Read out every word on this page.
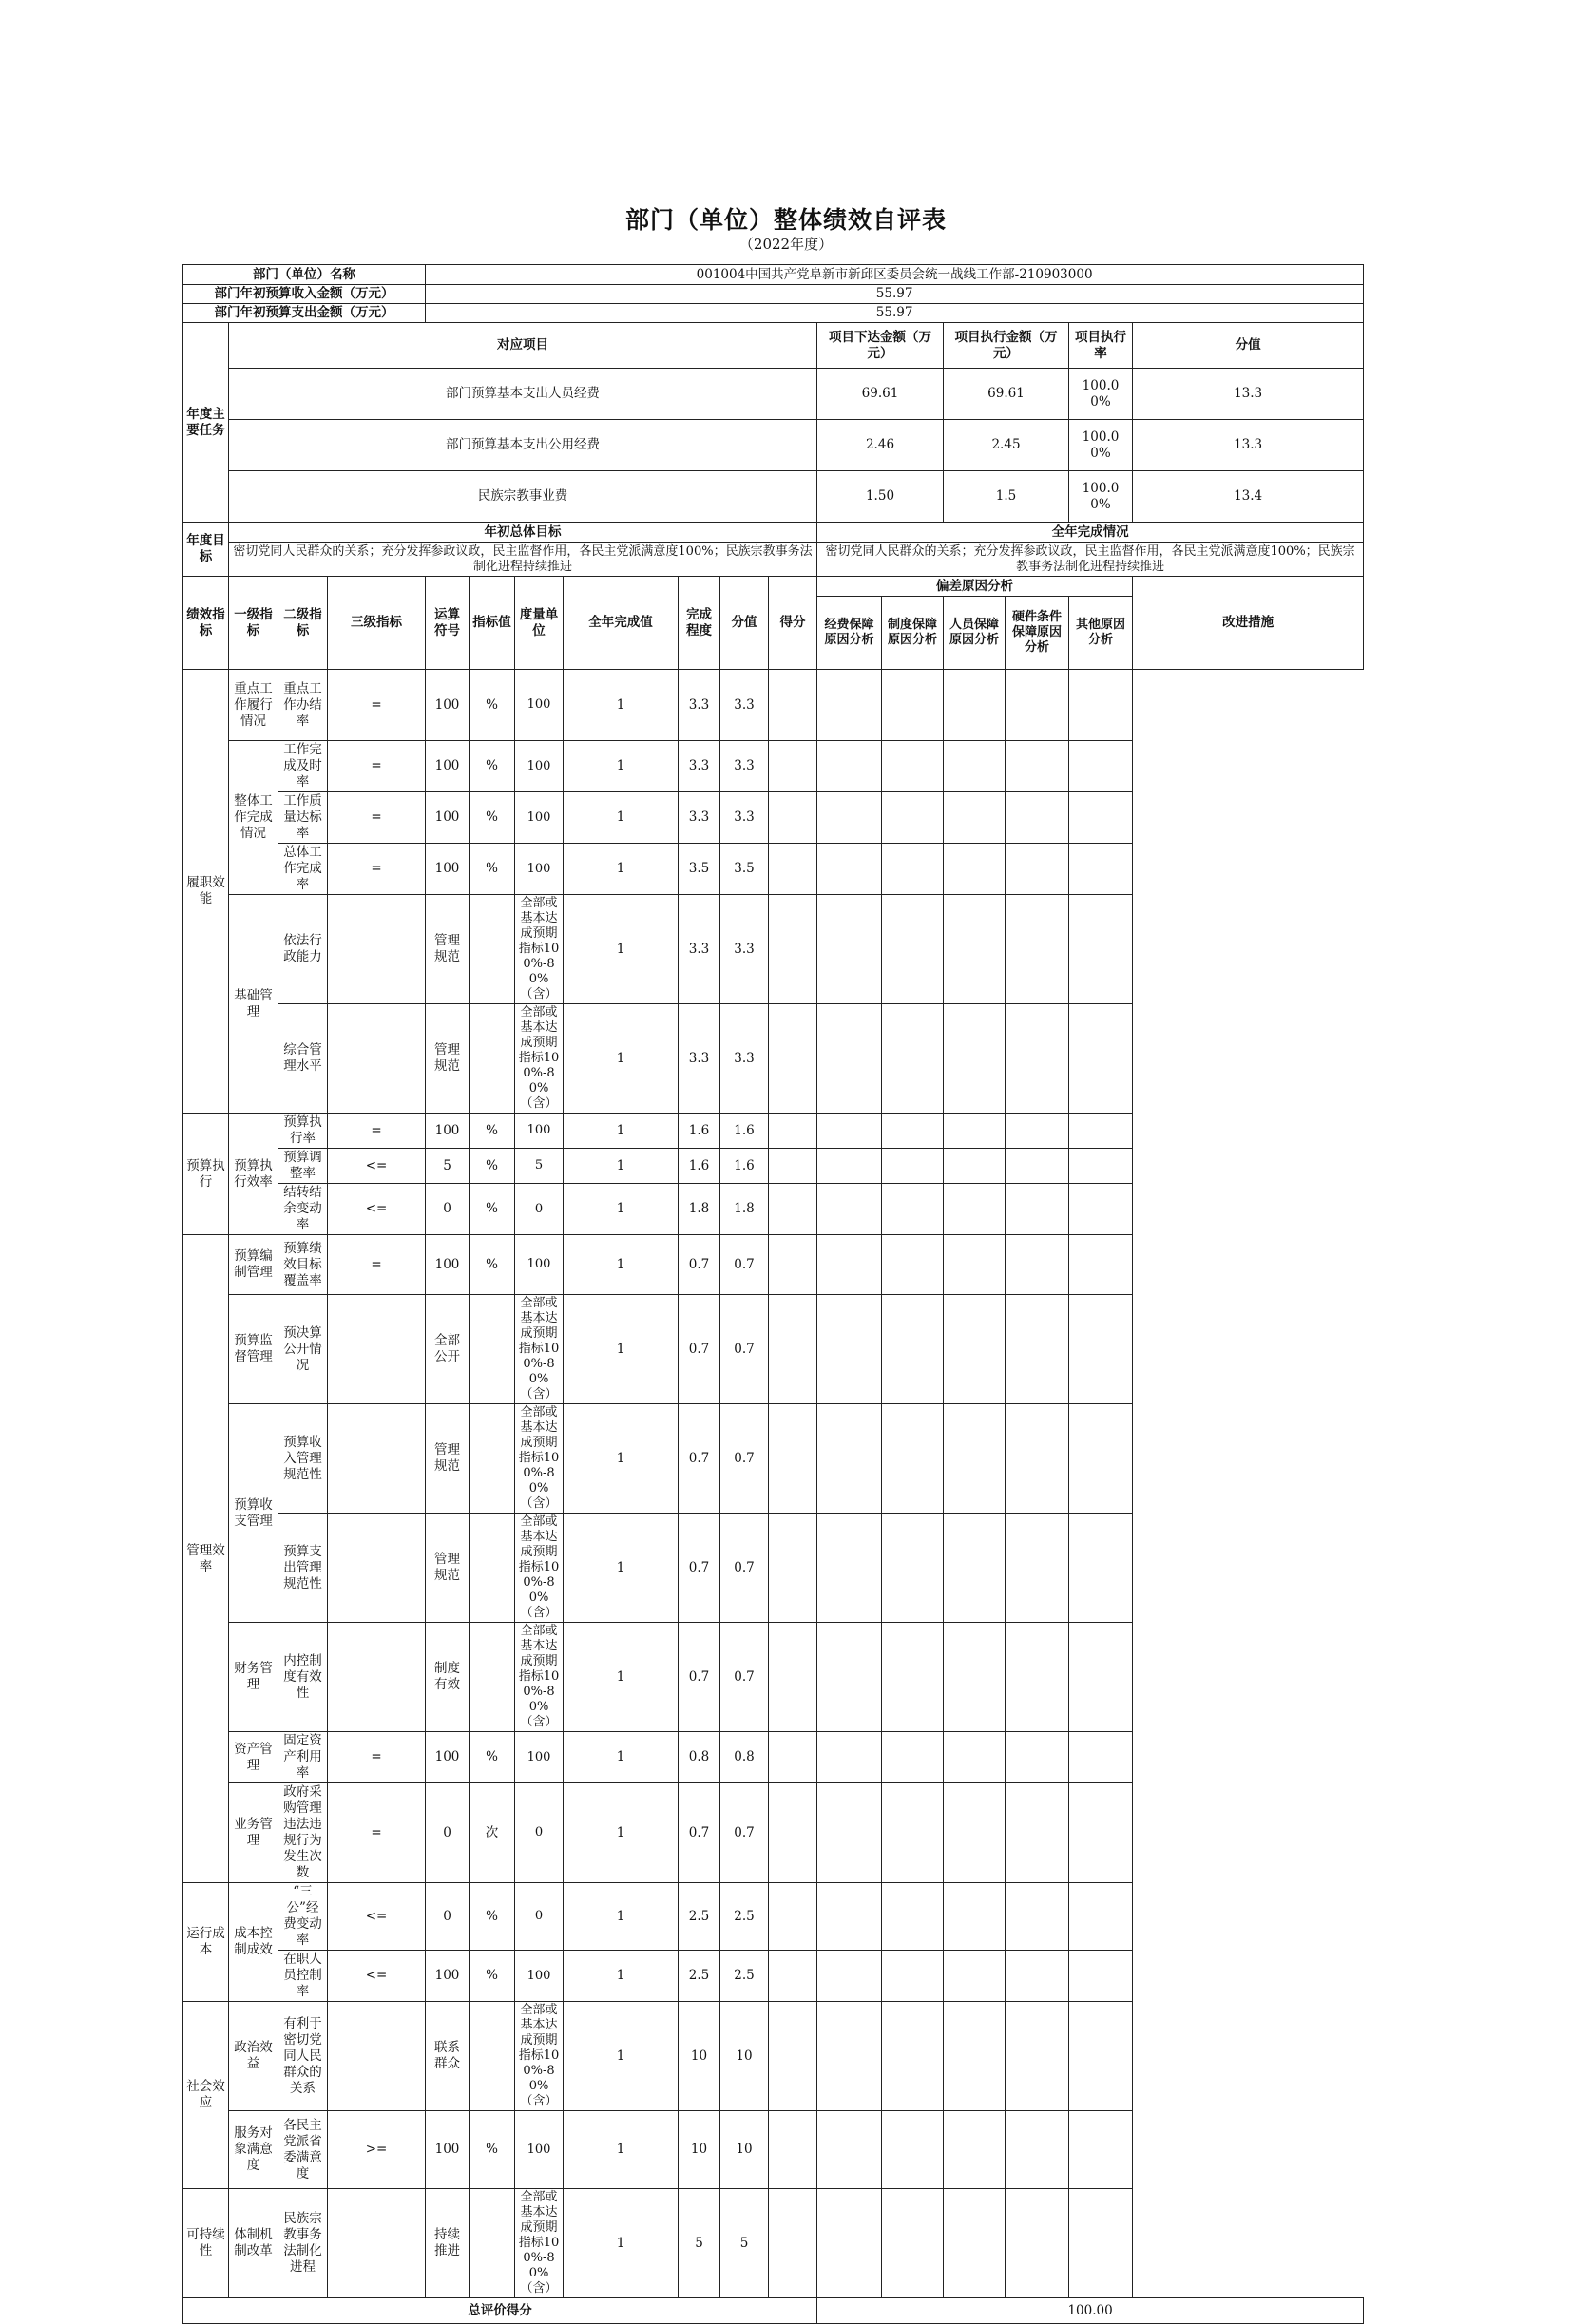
部门（单位）整体绩效自评表
（2022年度）
部门（单位）名称				001004中国共产党阜新市新邱区委员会统一战线工作部-210903000													
部门年初预算收入金额（万元）				55.97													
部门年初预算支出金额（万元）				55.97													
年度主要任务	对应项目										项目下达金额（万元）		项目执行金额（万元）		项目执行率	分值	
	部门预算基本支出人员经费										69.61		69.61		100.00%	13.3	
	部门预算基本支出公用经费										2.46		2.45		100.00%	13.3	
	民族宗教事业费										1.50		1.5		100.00%	13.4	
年度目标	年初总体目标										全年完成情况						
	密切党同人民群众的关系；充分发挥参政议政，民主监督作用，各民主党派满意度100%；民族宗教事务法制化进程持续推进										密切党同人民群众的关系；充分发挥参政议政，民主监督作用，各民主党派满意度100%；民族宗教事务法制化进程持续推进						
绩效指标	一级指标	二级指标	三级指标	运算符号	指标值	度量单位	全年完成值	完成程度	分值	得分	偏差原因分析					改进措施	
											经费保障原因分析	制度保障原因分析	人员保障原因分析	硬件条件保障原因分析	其他原因分析		
履职效能	重点工作履行情况	重点工作办结率	=	100	%	100	1	3.3	3.3								
	整体工作完成情况	工作完成及时率	=	100	%	100	1	3.3	3.3								
		工作质量达标率	=	100	%	100	1	3.3	3.3								
		总体工作完成率	=	100	%	100	1	3.5	3.5								
	基础管理	依法行政能力		管理规范		全部或基本达成预期指标100%-80%（含）	1	3.3	3.3								
		综合管理水平		管理规范		全部或基本达成预期指标100%-80%（含）	1	3.3	3.3								
预算执行	预算执行效率	预算执行率	=	100	%	100	1	1.6	1.6								
		预算调整率	<=	5	%	5	1	1.6	1.6								
		结转结余变动率	<=	0	%	0	1	1.8	1.8								
管理效率	预算编制管理	预算绩效目标覆盖率	=	100	%	100	1	0.7	0.7								
	预算监督管理	预决算公开情况		全部公开		全部或基本达成预期指标100%-80%（含）	1	0.7	0.7								
	预算收支管理	预算收入管理规范性		管理规范		全部或基本达成预期指标100%-80%（含）	1	0.7	0.7								
		预算支出管理规范性		管理规范		全部或基本达成预期指标100%-80%（含）	1	0.7	0.7								
	财务管理	内控制度有效性		制度有效		全部或基本达成预期指标100%-80%（含）	1	0.7	0.7								
	资产管理	固定资产利用率	=	100	%	100	1	0.8	0.8								
	业务管理	政府采购管理违法违规行为发生次数	=	0	次	0	1	0.7	0.7								
运行成本	成本控制成效	“三公”经费变动率	<=	0	%	0	1	2.5	2.5								
		在职人员控制率	<=	100	%	100	1	2.5	2.5								
社会效应	政治效益	有利于密切党同人民群众的关系		联系群众		全部或基本达成预期指标100%-80%（含）	1	10	10								
	服务对象满意度	各民主党派省委满意度	>=	100	%	100	1	10	10								
可持续性	体制机制改革	民族宗教事务法制化进程		持续推进		全部或基本达成预期指标100%-80%（含）	1	5	5								
总评价得分											100.00						
